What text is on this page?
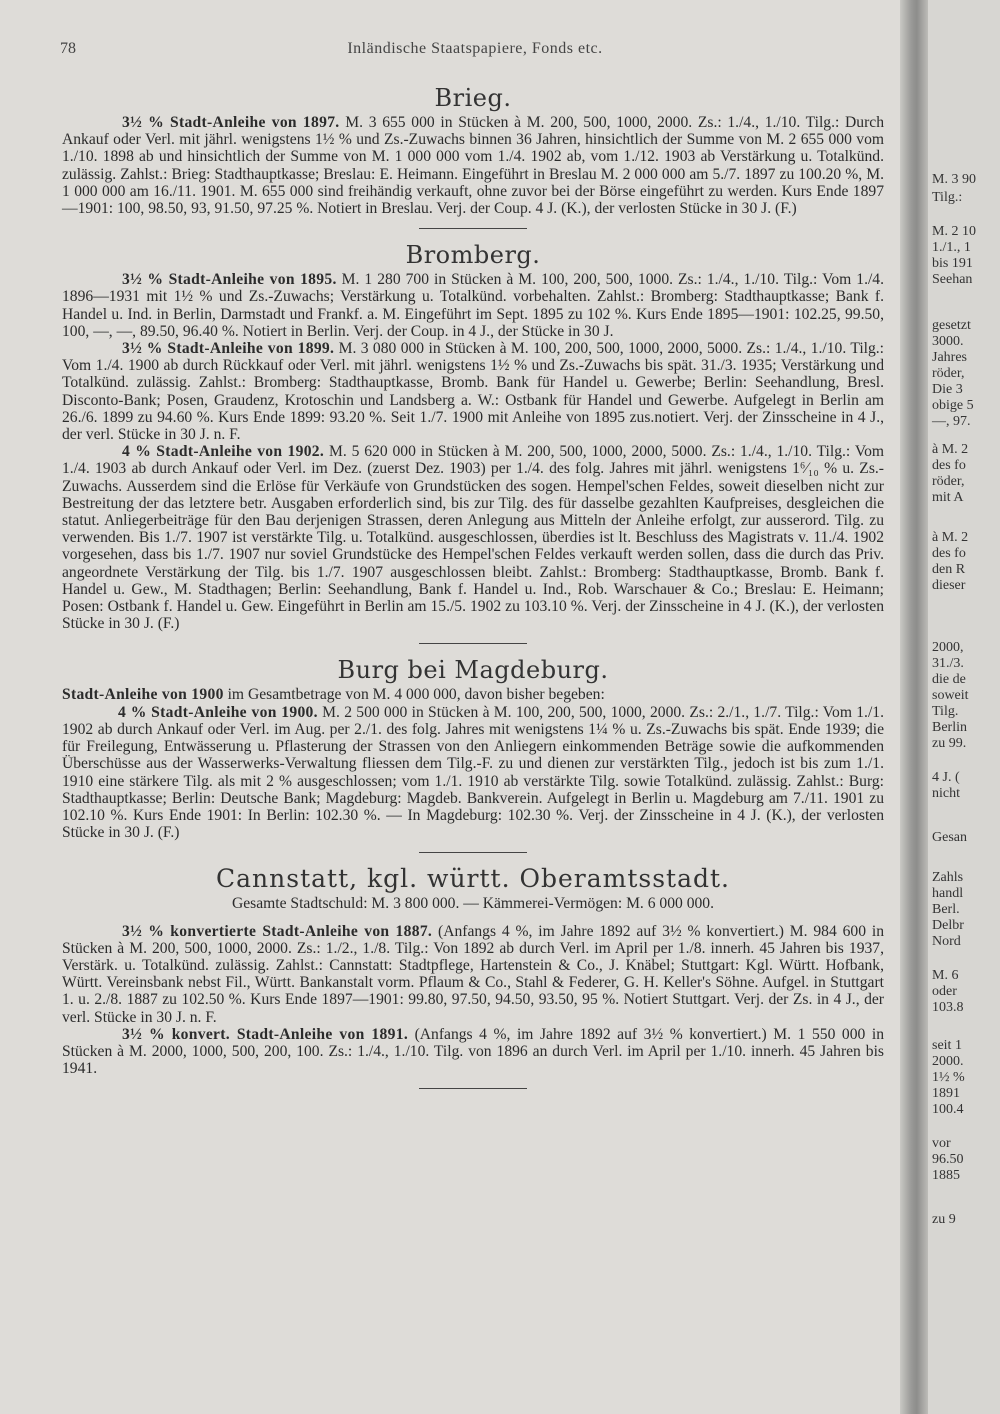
78	Inländische Staatspapiere, Fonds etc.
Brieg.

3½ % Stadt-Anleihe von 1897. M. 3 655 000 in Stücken à M. 200, 500, 1000, 2000. Zs.: 1./4., 1./10. Tilg.: Durch Ankauf oder Verl. mit jährl. wenigstens 1½ % und Zs.-Zuwachs binnen 36 Jahren, hinsichtlich der Summe von M. 2 655 000 vom 1./10. 1898 ab und hinsichtlich der Summe von M. 1 000 000 vom 1./4. 1902 ab, vom 1./12. 1903 ab Verstärkung u. Totalkünd. zulässig. Zahlst.: Brieg: Stadthauptkasse; Breslau: E. Heimann. Eingeführt in Breslau M. 2 000 000 am 5./7. 1897 zu 100.20 %, M. 1 000 000 am 16./11. 1901. M. 655 000 sind freihändig verkauft, ohne zuvor bei der Börse eingeführt zu werden. Kurs Ende 1897—1901: 100, 98.50, 93, 91.50, 97.25 %. Notiert in Breslau. Verj. der Coup. 4 J. (K.), der verlosten Stücke in 30 J. (F.)

Bromberg.

3½ % Stadt-Anleihe von 1895. M. 1 280 700 in Stücken à M. 100, 200, 500, 1000. Zs.: 1./4., 1./10. Tilg.: Vom 1./4. 1896—1931 mit 1½ % und Zs.-Zuwachs; Verstärkung u. Totalkünd. vorbehalten. Zahlst.: Bromberg: Stadthauptkasse; Bank f. Handel u. Ind. in Berlin, Darmstadt und Frankf. a. M. Eingeführt im Sept. 1895 zu 102 %. Kurs Ende 1895—1901: 102.25, 99.50, 100, —, —, 89.50, 96.40 %. Notiert in Berlin. Verj. der Coup. in 4 J., der Stücke in 30 J.

3½ % Stadt-Anleihe von 1899. M. 3 080 000 in Stücken à M. 100, 200, 500, 1000, 2000, 5000. Zs.: 1./4., 1./10. Tilg.: Vom 1./4. 1900 ab durch Rückkauf oder Verl. mit jährl. wenigstens 1½ % und Zs.-Zuwachs bis spät. 31./3. 1935; Verstärkung und Totalkünd. zulässig. Zahlst.: Bromberg: Stadthauptkasse, Bromb. Bank für Handel u. Gewerbe; Berlin: Seehandlung, Bresl. Disconto-Bank; Posen, Graudenz, Krotoschin und Landsberg a. W.: Ostbank für Handel und Gewerbe. Aufgelegt in Berlin am 26./6. 1899 zu 94.60 %. Kurs Ende 1899: 93.20 %. Seit 1./7. 1900 mit Anleihe von 1895 zus.notiert. Verj. der Zinsscheine in 4 J., der verl. Stücke in 30 J. n. F.

4 % Stadt-Anleihe von 1902. M. 5 620 000 in Stücken à M. 200, 500, 1000, 2000, 5000. Zs.: 1./4., 1./10. Tilg.: Vom 1./4. 1903 ab durch Ankauf oder Verl. im Dez. (zuerst Dez. 1903) per 1./4. des folg. Jahres mit jährl. wenigstens 1⁶⁄₁₀ % u. Zs.-Zuwachs. Ausserdem sind die Erlöse für Verkäufe von Grundstücken des sogen. Hempel'schen Feldes, soweit dieselben nicht zur Bestreitung der das letztere betr. Ausgaben erforderlich sind, bis zur Tilg. des für dasselbe gezahlten Kaufpreises, desgleichen die statut. Anliegerbeiträge für den Bau derjenigen Strassen, deren Anlegung aus Mitteln der Anleihe erfolgt, zur ausserord. Tilg. zu verwenden. Bis 1./7. 1907 ist verstärkte Tilg. u. Totalkünd. ausgeschlossen, überdies ist lt. Beschluss des Magistrats v. 11./4. 1902 vorgesehen, dass bis 1./7. 1907 nur soviel Grundstücke des Hempel'schen Feldes verkauft werden sollen, dass die durch das Priv. angeordnete Verstärkung der Tilg. bis 1./7. 1907 ausgeschlossen bleibt. Zahlst.: Bromberg: Stadthauptkasse, Bromb. Bank f. Handel u. Gew., M. Stadthagen; Berlin: Seehandlung, Bank f. Handel u. Ind., Rob. Warschauer & Co.; Breslau: E. Heimann; Posen: Ostbank f. Handel u. Gew. Eingeführt in Berlin am 15./5. 1902 zu 103.10 %. Verj. der Zinsscheine in 4 J. (K.), der verlosten Stücke in 30 J. (F.)

Burg bei Magdeburg.

Stadt-Anleihe von 1900 im Gesamtbetrage von M. 4 000 000, davon bisher begeben:

4 % Stadt-Anleihe von 1900. M. 2 500 000 in Stücken à M. 100, 200, 500, 1000, 2000. Zs.: 2./1., 1./7. Tilg.: Vom 1./1. 1902 ab durch Ankauf oder Verl. im Aug. per 2./1. des folg. Jahres mit wenigstens 1¼ % u. Zs.-Zuwachs bis spät. Ende 1939; die für Freilegung, Entwässerung u. Pflasterung der Strassen von den Anliegern einkommenden Beträge sowie die aufkommenden Überschüsse aus der Wasserwerks-Verwaltung fliessen dem Tilg.-F. zu und dienen zur verstärkten Tilg., jedoch ist bis zum 1./1. 1910 eine stärkere Tilg. als mit 2 % ausgeschlossen; vom 1./1. 1910 ab verstärkte Tilg. sowie Totalkünd. zulässig. Zahlst.: Burg: Stadthauptkasse; Berlin: Deutsche Bank; Magdeburg: Magdeb. Bankverein. Aufgelegt in Berlin u. Magdeburg am 7./11. 1901 zu 102.10 %. Kurs Ende 1901: In Berlin: 102.30 %. — In Magdeburg: 102.30 %. Verj. der Zinsscheine in 4 J. (K.), der verlosten Stücke in 30 J. (F.)

Cannstatt, kgl. württ. Oberamtsstadt.
Gesamte Stadtschuld: M. 3 800 000. — Kämmerei-Vermögen: M. 6 000 000.

3½ % konvertierte Stadt-Anleihe von 1887. (Anfangs 4 %, im Jahre 1892 auf 3½ % konvertiert.) M. 984 600 in Stücken à M. 200, 500, 1000, 2000. Zs.: 1./2., 1./8. Tilg.: Von 1892 ab durch Verl. im April per 1./8. innerh. 45 Jahren bis 1937, Verstärk. u. Totalkünd. zulässig. Zahlst.: Cannstatt: Stadtpflege, Hartenstein & Co., J. Knäbel; Stuttgart: Kgl. Württ. Hofbank, Württ. Vereinsbank nebst Fil., Württ. Bankanstalt vorm. Pflaum & Co., Stahl & Federer, G. H. Keller's Söhne. Aufgel. in Stuttgart 1. u. 2./8. 1887 zu 102.50 %. Kurs Ende 1897—1901: 99.80, 97.50, 94.50, 93.50, 95 %. Notiert Stuttgart. Verj. der Zs. in 4 J., der verl. Stücke in 30 J. n. F.

3½ % konvert. Stadt-Anleihe von 1891. (Anfangs 4 %, im Jahre 1892 auf 3½ % konvertiert.) M. 1 550 000 in Stücken à M. 2000, 1000, 500, 200, 100. Zs.: 1./4., 1./10. Tilg. von 1896 an durch Verl. im April per 1./10. innerh. 45 Jahren bis 1941.

M. 3 90
Tilg.:
M. 2 10
1./1., 1
bis 191
Seehan
gesetzt
3000.
Jahres
röder,
Die 3
obige 5
—, 97.
à M. 2
des fo
röder,
mit A
à M. 2
des fo
den R
dieser
2000,
31./3.
die de
soweit
Tilg.
Berlin
zu 99.
4 J. (
nicht
Gesan
Zahls
handl
Berl.
Delbr
Nord
M. 6
oder
103.8
seit 1
2000.
1½ %
1891
100.4
vor
96.50
1885
zu 9
